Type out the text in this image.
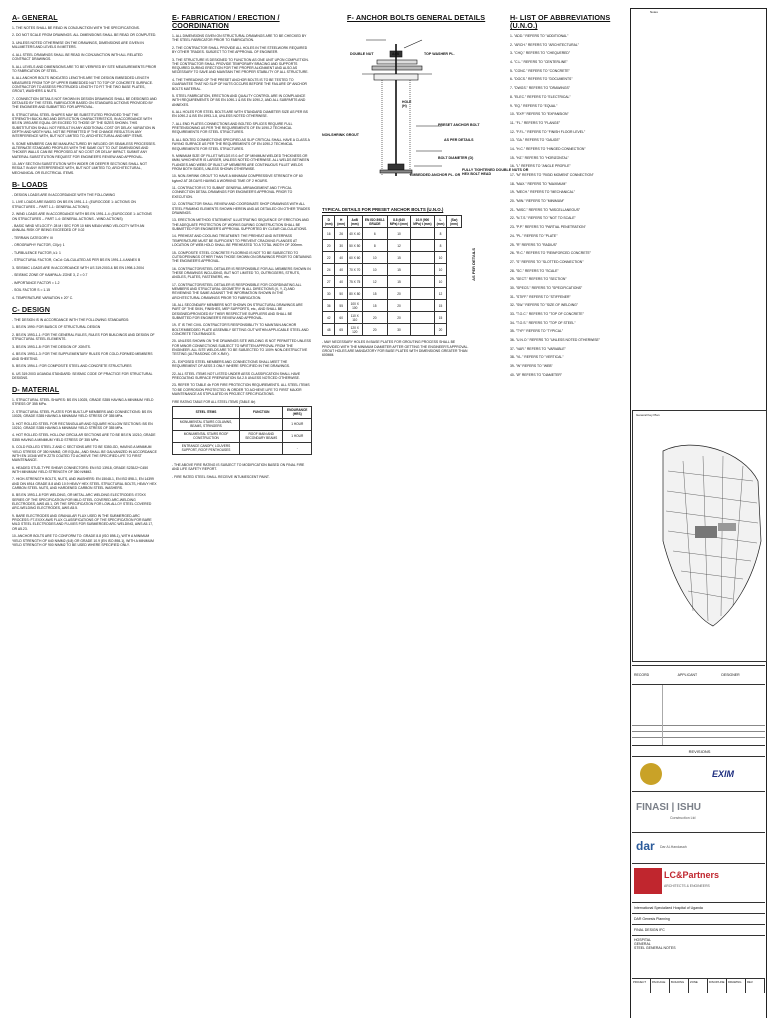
A- GENERAL

1- THE NOTES SHALL BE READ IN CONJUNCTION WITH THE SPECIFICATIONS.

2- DO NOT SCALE FROM DRAWINGS. ALL DIMENSIONS SHALL BE READ OR COMPUTED.

3- UNLESS NOTED OTHERWISE ON THE DRAWINGS, DIMENSIONS ARE GIVEN IN MILLIMETERS AND LEVELS IN METERS.

4- ALL STEEL DRAWINGS SHALL BE READ IN CONJUNCTION WITH ALL RELATED CONTRACT DRAWINGS.

5- ALL LEVELS AND DIMENSIONS ARE TO BE VERIFIED BY SITE MEASUREMENTS PRIOR TO FABRICATION OF STEEL.

6- ALL ANCHOR BOLTS INDICATED LENGTHS ARE THE DESIGN EMBEDDED LENGTH MEASURED FROM TOP OF UPPER EMBEDDED NUT TO TOP OF CONCRETE SURFACE. CONTRACTOR TO ASSESS PROTRUDED LENGTH TO FIT THE TWO BASE PLATES, GROUT, WASHERS & NUTS.

7- CONNECTION DETAILS NOT SHOWN IN DESIGN DRAWINGS SHALL BE DESIGNED AND DETAILED BY THE STEEL FABRICATOR BASED ON STANDARD ACTIONS PROVIDED BY THE ENGINEER AND SUBMITTED FOR APPROVAL.

8- STRUCTURAL STEEL SHAPES MAY BE SUBSTITUTED PROVIDED THAT THE STRENGTH BUCKLING AND DEFLECTION CHARACTERISTICS, IN ACCORDANCE WITH BS EN 1993 ARE EQUAL OR EXCEED TO THOSE OF THE SIZES SHOWN. THIS SUBSTITUTION SHALL NOT RESULT IN ANY ADDITIONAL COST OR DELAY. VARIATION IN DEPTH AND WIDTH WILL NOT BE PERMITTED IF THE CHANGE RESULTS IN ANY INTERFERENCE WITH, BUT NOT LIMITED TO, ARCHITECTURAL AND MEP ITEMS.

9- SOME MEMBERS CAN BE MANUFACTURED BY WELDED OR SEAMLESS PROCESSES. ALTERNATE STANDARD PROFILES WITH THE SAME OUT TO OUT DIMENSIONS AND THICKER WALLS CAN BE PROPOSED AT NO COST OR DELAY IMPACT. SUBMIT ANY MATERIAL SUBSTITUTION REQUEST FOR ENGINEER'S REVIEW AND APPROVAL.

10- ANY SECTION SUBSTITUTION WITH WIDER OR DEEPER SECTIONS SHALL NOT RESULT IN ANY INTERFERENCE WITH, BUT NOT LIMITED TO, ARCHITECTURAL, MECHANICAL OR ELECTRICAL ITEMS.

B- LOADS

- DESIGN LOADS ARE IN ACCORDANCE WITH THE FOLLOWING

1- LIVE LOADS ARE BASED ON BS EN 1991-1-1: (EUROCODE 1: ACTIONS ON STRUCTURES -- PART 1-1: GENERAL ACTIONS)

2- WIND LOADS ARE IN ACCORDANCE WITH BS EN 1991-1-4: (EUROCODE 1: ACTIONS ON STRUCTURES -- PART 1-4: GENERAL ACTIONS - WIND ACTIONS)

- BASIC WIND VELOCITY: 28 M / SEC FOR 10 MIN MEAN WIND VELOCITY WITH AN ANNUAL RISK OF BEING EXCEEDED OF 0.02

- TERRAIN CATEGORY: III

- OROGRAPHY FACTOR, C0(z): 1

- TURBULENCE FACTOR, k1: 1

- STRUCTURAL FACTOR, CsCd: CALCULATED AS PER BS EN 1991-1-4 ANNEX B

3- SEISMIC LOADS ARE IN ACCORDANCE WITH US 319:2003 & BS EN 1998-1:2004

- SEISMIC ZONE OF KAMPALA: ZONE 3, Z = 0.7

- IMPORTANCE FACTOR = 1.2

- SOIL FACTOR S = 1.15

4- TEMPERATURE VARIATION ± 20° C.

C- DESIGN

- THE DESIGN IS IN ACCORDANCE WITH THE FOLLOWING STANDARDS:

1- BS EN 1990: FOR BASICS OF STRUCTURAL DESIGN

2- BS EN 1993-1-1: FOR THE GENERAL RULES, RULES FOR BUILDINGS AND DESIGN OF STRUCTURAL STEEL ELEMENTS.

3- BS EN 1993-1-8: FOR THE DESIGN OF JOINTS.

4- BS EN 1993-1-3: FOR THE SUPPLEMENTARY RULES FOR COLD-FORMED MEMBERS AND SHEETING.

5- BS EN 1994-1: FOR COMPOSITE STEEL AND CONCRETE STRUCTURES

6- US 319:2003 UGANDA STANDARD: SEISMIC CODE OF PRACTICE FOR STRUCTURAL DESIGNS.

D- MATERIAL

1- STRUCTURAL STEEL SHAPES: BS EN 10025, GRADE S355 HAVING A MINIMUM YIELD STRESS OF 355 MPa.

2- STRUCTURAL STEEL PLATES FOR BUILT-UP MEMBERS AND CONNECTIONS: BS EN 10025, GRADE S355 HAVING A MINIMUM YIELD STRESS OF 355 MPa.

3- HOT ROLLED STEEL FOR RECTANGULAR AND SQUARE HOLLOW SECTIONS: BS EN 10210, GRADE S355 HAVING A MINIMUM YIELD STRESS OF 355 MPa.

4- HOT ROLLED STEEL HOLLOW CIRCULAR SECTIONS ARE TO BE BS EN 10210, GRADE S355 HAVING A MINIMUM YIELD STRESS OF 355 MPa.

5- COLD ROLLED STEEL Z AND C SECTIONS ARE TO BE S350-GD, HAVING A MINIMUM YIELD STRESS OF 350 N/MM2, OR EQUAL, AND SHALL BE GALVANIZED IN ACCORDANCE WITH EN 10346 WITH Z275 COATED TO ACHIEVE THE SPECIFIED LIFE TO FIRST MAINTENANCE.

6- HEADED STUD-TYPE SHEAR CONNECTORS: EN ISO 13918, GRADE S235J2+C450 WITH MINIMUM YIELD STRENGTH OF 350 N/MM2.

7- HIGH-STRENGTH BOLTS, NUTS, AND WASHERS: EN 15048-1, EN ISO 898-1, EN 14399 AND DIN 6914 GRADE 8.8 AND 10.9 HEAVY HEX STEEL STRUCTURAL BOLTS, HEAVY HEX CARBON STEEL NUTS, AND HARDENED CARBON STEEL WASHERS.

8- BS EN 1993-1-8 FOR WELDING, OR METAL-ARC WELDING ELECTRODES: E70XX SERIES OF THE SPECIFICATION FOR MILD STEEL COVERED ARC-WELDING ELECTRODES, AWS A5.1, OR THE SPECIFICATION FOR LOW-ALLOY STEEL COVERED ARC-WELDING ELECTRODES, AWS A5.5.

9- BARE ELECTRODES AND GRANULAR FLUX USED IN THE SUBMERGED-ARC PROCESS: F7-EXXX AWS FLUX CLASSIFICATIONS OF THE SPECIFICATION FOR BARE MILD STEEL ELECTRODES AND FLUXES FOR SUBMERGED ARC WELDING, AWS A5.17, OR A5.23.

10- ANCHOR BOLTS ARE TO CONFORM TO: GRADE 8.8 (ISO 898-1), WITH A MINIMUM YIELD STRENGTH OF 640 N/MM2 (6.8) OR GRADE 10.9 (EN ISO 898-1), WITH A MINIMUM YIELD STRENGTH OF 900 N/MM2 TO BE USED WHERE SPECIFIED ONLY.

E- FABRICATION / ERECTION / COORDINATION

1- ALL DIMENSIONS GIVEN ON STRUCTURAL DRAWINGS ARE TO BE CHECKED BY THE STEEL FABRICATOR PRIOR TO FABRICATION.

2- THE CONTRACTOR SHALL PROVIDE ALL HOLES IN THE STEELWORK REQUIRED BY OTHER TRADES. SUBJECT TO THE APPROVAL OF ENGINEER.

3- THE STRUCTURE IS DESIGNED TO FUNCTION AS ONE UNIT UPON COMPLETION. THE CONTRACTOR SHALL PROVIDE TEMPORARY BRACING AND SUPPORTS REQUIRED DURING ERECTION FOR THE PROPER ALIGNMENT AND ALSO AS NECESSARY TO SAVE AND MAINTAIN THE PROPER STABILITY OF ALL STRUCTURE.

4- THE THREADING OF THE PRESET ANCHOR BOLTS IS TO BE TESTED TO GUARANTEE THAT NO SLIP OF NUTS OCCURS BEFORE THE FAILURE OF ANCHOR BOLTS MATERIAL.

5- STEEL FABRICATION, ERECTION AND QUALITY CONTROL ARE IN COMPLIANCE WITH REQUIREMENTS OF BS EN 1090-1 & BS EN 1090-2, AND ALL SUBPARTS AND ANNEXES.

6- ALL HOLES FOR STEEL BOLTS ARE WITH STANDARD DIAMETER SIZE AS PER BS EN 1090-2 & BS EN 1993-1-8, UNLESS NOTED OTHERWISE.

7- ALL END PLATES CONNECTIONS AND BOLTED SPLICES REQUIRE FULL PRETENSIONING AS PER THE REQUIREMENTS OF EN 1090-2 TECHNICAL REQUIREMENTS FOR STEEL STRUCTURES.

8- ALL BOLTED CONNECTIONS SPECIFIED AS SLIP CRITICAL SHALL HAVE A CLASS A FAYING SURFACE AS PER THE REQUIREMENTS OF EN 1090-2 TECHNICAL REQUIREMENTS FOR STEEL STRUCTURES.

9- MINIMUM SIZE OF FILLET WELDS IS 0.4xT OF MINIMUM WELDED THICKNESS OR 6MM, WHICHEVER IS LARGER, UNLESS NOTED OTHERWISE. ALL WELDS BETWEEN FLANGES AND WEBS OF BUILT-UP MEMBERS ARE CONTINUOUS FILLET WELDS FROM BOTH SIDES, UNLESS SHOWN OTHERWISE.

10- NON-SHRINK GROUT TO HAVE A MINIMUM COMPRESSIVE STRENGTH OF 60 kg/cm2 AT 28 DAYS HAVING A WORKING TIME OF 2 HOURS.

11- CONTRACTOR IS TO SUBMIT GENERAL ARRANGEMENT AND TYPICAL CONNECTION DETAIL DRAWINGS FOR ENGINEER'S APPROVAL PRIOR TO EXECUTION.

12- CONTRACTOR SHALL REVIEW AND COORDINATE SHOP DRAWINGS WITH ALL STEEL FRAMING ELEMENTS SHOWN HEREIN AND AS DETAILED ON OTHER TRADES DRAWINGS.

13- ERECTION METHOD STATEMENT ILLUSTRATING SEQUENCE OF ERECTION AND THE ADEQUATE PROTECTION OF WORKS DURING CONSTRUCTION SHALL BE SUBMITTED FOR ENGINEER'S APPROVAL SUPPORTED BY CLEAR CALCULATIONS.

14- PREHEAT AND COOLING TREATMENT: THE PREHEAT AND INTERPASS TEMPERATURE MUST BE SUFFICIENT TO PREVENT CRACKING FLANGES AT LOCATION OF WEB HOLD SHALL BE PREHEATED TO A TOTAL WIDTH OF 200mm.

15- COMPOSITE STEEL CONCRETE FLOORING IS NOT TO BE SUBJECTED TO CUTS/OPENINGS OTHER THAN THOSE SHOWN ON DRAWINGS PRIOR TO OBTAINING THE ENGINEER'S APPROVAL.

16- CONTRACTOR/STEEL DETAILER IS RESPONSIBLE FOR ALL MEMBERS SHOWN IN THESE DRAWINGS INCLUDING, BUT NOT LIMITED TO, OUTRIGGERS, STRUTS, ANGLES, PLATES, FASTENERS, etc.

17- CONTRACTOR/STEEL DETAILER IS RESPONSIBLE FOR COORDINATING ALL MEMBERS AND STRUCTURAL GEOMETRY IN ALL DIRECTIONS (X, Y, Z) AND REVIEWING THE SAME AGAINST THE INFORMATION SHOWN IN THE ARCHITECTURAL DRAWINGS PRIOR TO FABRICATION.

18- ALL SECONDARY MEMBERS NOT SHOWN ON STRUCTURAL DRAWINGS ARE PART OF THE SKIN, FINISHES, MEP SUPPORTS, etc., AND SHALL BE DESIGNED/PROVIDED BY THEIR RESPECTIVE SUPPLIERS AND SHALL BE SUBMITTED FOR ENGINEER'S REVIEW AND APPROVAL.

19- IT IS THE CIVIL CONTRACTOR'S RESPONSIBILITY TO MAINTAIN ANCHOR BOLT/EMBEDDED PLATE ASSEMBLY SETTING OUT WITHIN APPLICABLE STEEL AND CONCRETE TOLERANCES.

20- UNLESS SHOWN ON THE DRAWINGS SITE WELDING IS NOT PERMITTED UNLESS FOR MINOR CONNECTIONS SUBJECT TO WRITTEN APPROVAL FROM THE ENGINEER. ALL SITE WELDS ARE TO BE SUBJECTED TO 100% NON-DESTRUCTIVE TESTING (ULTRASONIC OR X-RAY).

21- EXPOSED STEEL MEMBERS AND CONNECTIONS SHALL MEET THE REQUIREMENT OF AESS 3 ONLY WHERE SPECIFIED IN THE DRAWINGS.

22- ALL STEEL ITEMS NOT LISTED UNDER AESS CLASSIFICATION SHALL HAVE PRECOATING SURFACE PREPARATION SA 2.5 UNLESS NOTICED OTHERWISE.

23- REFER TO TABLE 4b FOR FIRE PROTECTION REQUIREMENTS. ALL STEEL ITEMS TO BE CORROSION PROTECTED IN ORDER TO ACHIEVE LIFE TO FIRST MAJOR MAINTENANCE AS STIPULATED IN PROJECT SPECIFICATIONS.

FIRE RATING TABLE FOR ALL STEEL ITEMS (TABLE 4b)
STEEL ITEMS	FUNCTION	ENDURANCE (HRS)
MONUMENTAL STAIRS COLUMNS, BEAMS, STRINGERS		1 HOUR
MONUMENTAL STAIRS ROOF CONSTRUCTION	ROOF MAIN AND SECONDARY BEAMS	1 HOUR
ENTRANCE CANOPY, LOUVERS SUPPORT, ROOF PENTHOUSES		-

- THE ABOVE FIRE RATING IS SUBJECT TO MODIFICATION BASED ON FINAL FIRE AND LIFE SAFETY REPORT.

- FIRE RATED STEEL SHALL RECEIVE INTUMESCENT PAINT.

F- ANCHOR BOLTS GENERAL DETAILS
DOUBLE NUT	AxB	TOP WASHER PL.
HOLE (H)
PRESET ANCHOR BOLT
NON-SHRINK GROUT
AS PER DETAILS
BOLT DIAMETER (D)
EMBEDDED ANCHOR PL. OR
FULLY TIGHTENED DOUBLE NUTS OR HEX BOLT HEAD
TYPICAL DETAILS FOR PRESET ANCHOR BOLTS (U.N.O.)
D (mm)	H (mm)	AxB (mm)	EN ISO 898-1 GRADE	8.8 (640 MPa) t (mm)	10.9 (900 MPa) t (mm)	L (mm)	(Sw) (mm)
16	26	40 X 40	6	10		8	
20	30	50 X 50	8	12		8	
22	40	60 X 60	10	15		10	
24	40	70 X 70	10	15		10	
27	40	75 X 75	12	15		10	
30	50	80 X 80	15	20		12	
36	55	100 X 100	15	20		15	
42	60	110 X 110	20	20		15	
48	65	120 X 120	20	30		20	
AS PER DETAILS

- MAY NECESSARY HOLES IN BASE PLATES FOR GROUTING PROCESS SHALL BE PROVIDED WITH THE MINIMUM DIAMETER AFTER GETTING THE ENGINEER'S APPROVAL. GROUT HOLES ARE MANDATORY FOR BASE PLATES WITH DIMENSIONS GREATER THAN 600MM.

H- LIST OF ABBREVIATIONS (U.N.O.)

1- "ADD." REFERS TO "ADDITIONAL"

2- "ARCH." REFERS TO "ARCHITECTURAL"

3- "CHQ." REFERS TO "CHEQUERED"

4- "C.L." REFERS TO "CENTERLINE"

5- "CONC." REFERS TO "CONCRETE"

6- "DOCS." REFERS TO "DOCUMENTS"

7- "DWGS." REFERS TO "DRAWINGS"

8- "ELEC." REFERS TO "ELECTRICAL"

9- "EQ." REFERS TO "EQUAL"

10- "EXP." REFERS TO "EXPANSION"

11- "FL." REFERS TO "FLANGE"

12- "F.F.L." REFERS TO "FINISH FLOOR LEVEL"

13- "GA." REFERS TO "GAUGE"

14- "H.C." REFERS TO "HINGED CONNECTION"

15- "HZ." REFERS TO "HORIZONTAL"

16- "L" REFERS TO "ANGLE PROFILE"

17- "M" REFERS TO "RIGID MOMENT CONNECTION"

18- "MAX." REFERS TO "MAXIMUM"

19- "MECH." REFERS TO "MECHANICAL"

20- "MIN." REFERS TO "MINIMUM"

21- "MISC." REFERS TO "MISCELLANEOUS"

22- "N.T.S." REFERS TO "NOT TO SCALE"

23- "P.P." REFERS TO "PARTIAL PENETRATION"

24- "PL." REFERS TO "PLATE"

25- "R" REFERS TO "RADIUS"

26- "R.C." REFERS TO "REINFORCED CONCRETE"

27- "S" REFERS TO "SLOTTED CONNECTION"

28- "SC." REFERS TO "SCALE"

29- "SECT." REFERS TO "SECTION"

30- "SPECS." REFERS TO "SPECIFICATIONS"

31- "STIFF." REFERS TO "STIFFENER"

32- "SW." REFERS TO "SIZE OF WELDING"

33- "T.O.C." REFERS TO "TOP OF CONCRETE"

34- "T.O.S." REFERS TO "TOP OF STEEL"

35- "TYP." REFERS TO "TYPICAL"

36- "U.N.O." REFERS TO "UNLESS NOTED OTHERWISE"

37- "VAR." REFERS TO "VARIABLE"

38- "VL." REFERS TO "VERTICAL"

39- "W" REFERS TO "WEB"

40- "Ø" REFERS TO "DIAMETER"

Notes
General Key Plan
RECORD	APPLICANT	DESIGNER
REVISIONS
EXIM
FINASI | ISHU
Construction Ltd
dar Dar Al-Handasah
LC&Partners
ARCHITECTS & ENGINEERS
International Specialized Hospital of Uganda
DAR Genesis Planning
FINAL DESIGN IFC
HOSPITAL
GENERAL
STEEL GENERAL NOTES
PROJECT	PACKAGE	BUILDING	ZONE	DISCIPLINE	DRAWING	REV.
